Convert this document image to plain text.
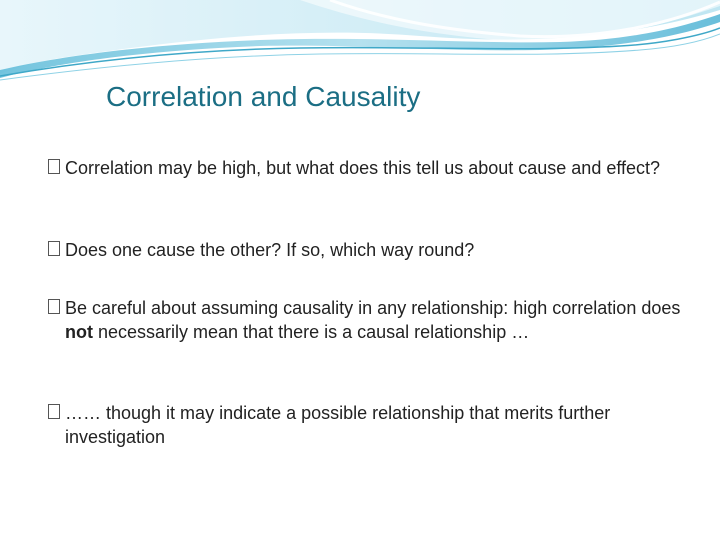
Correlation and Causality
Correlation may be high, but what does this tell us about cause and effect?
Does one cause the other? If so, which way round?
Be careful about assuming causality in any relationship: high correlation does not necessarily mean that there is a causal relationship …
…… though it may indicate a possible relationship that merits further investigation
